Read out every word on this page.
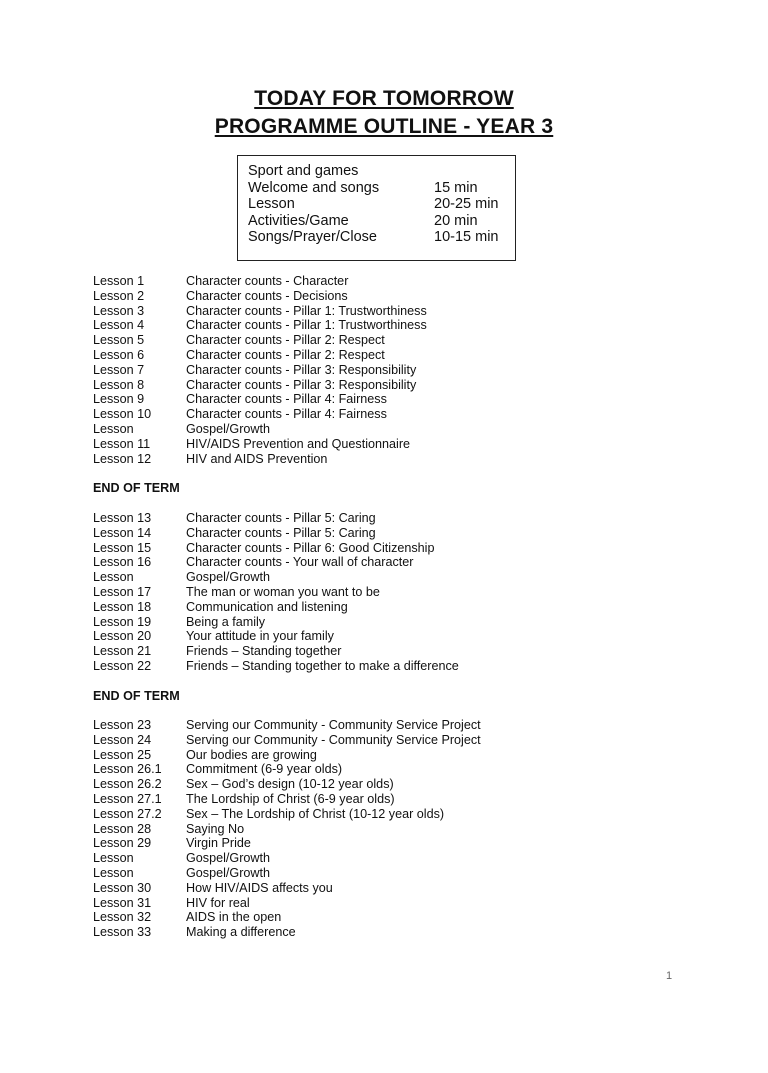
TODAY FOR TOMORROW
PROGRAMME OUTLINE - YEAR 3
Sport and games
Welcome and songs	15 min
Lesson	20-25 min
Activities/Game	20 min
Songs/Prayer/Close	10-15 min
Lesson 1	Character counts - Character
Lesson 2	Character counts - Decisions
Lesson 3	Character counts - Pillar 1: Trustworthiness
Lesson 4	Character counts - Pillar 1: Trustworthiness
Lesson 5	Character counts - Pillar 2: Respect
Lesson 6	Character counts - Pillar 2: Respect
Lesson 7	Character counts - Pillar 3: Responsibility
Lesson 8	Character counts - Pillar 3: Responsibility
Lesson 9	Character counts - Pillar 4: Fairness
Lesson 10	Character counts - Pillar 4: Fairness
Lesson	Gospel/Growth
Lesson 11	HIV/AIDS Prevention and Questionnaire
Lesson 12	HIV and AIDS Prevention
END OF TERM
Lesson 13	Character counts - Pillar 5: Caring
Lesson 14	Character counts - Pillar 5: Caring
Lesson 15	Character counts - Pillar 6: Good Citizenship
Lesson 16	Character counts - Your wall of character
Lesson	Gospel/Growth
Lesson 17	The man or woman you want to be
Lesson 18	Communication and listening
Lesson 19	Being a family
Lesson 20	Your attitude in your family
Lesson 21	Friends – Standing together
Lesson 22	Friends – Standing together to make a difference
END OF TERM
Lesson 23	Serving our Community - Community Service Project
Lesson 24	Serving our Community - Community Service Project
Lesson 25	Our bodies are growing
Lesson 26.1 Commitment (6-9 year olds)
Lesson 26.2 Sex – God’s design (10-12 year olds)
Lesson 27.1 The Lordship of Christ (6-9 year olds)
Lesson 27.2 Sex – The Lordship of Christ (10-12 year olds)
Lesson 28	Saying No
Lesson 29	Virgin Pride
Lesson	Gospel/Growth
Lesson	Gospel/Growth
Lesson 30	How HIV/AIDS affects you
Lesson 31	HIV for real
Lesson 32	AIDS in the open
Lesson 33	Making a difference
1
